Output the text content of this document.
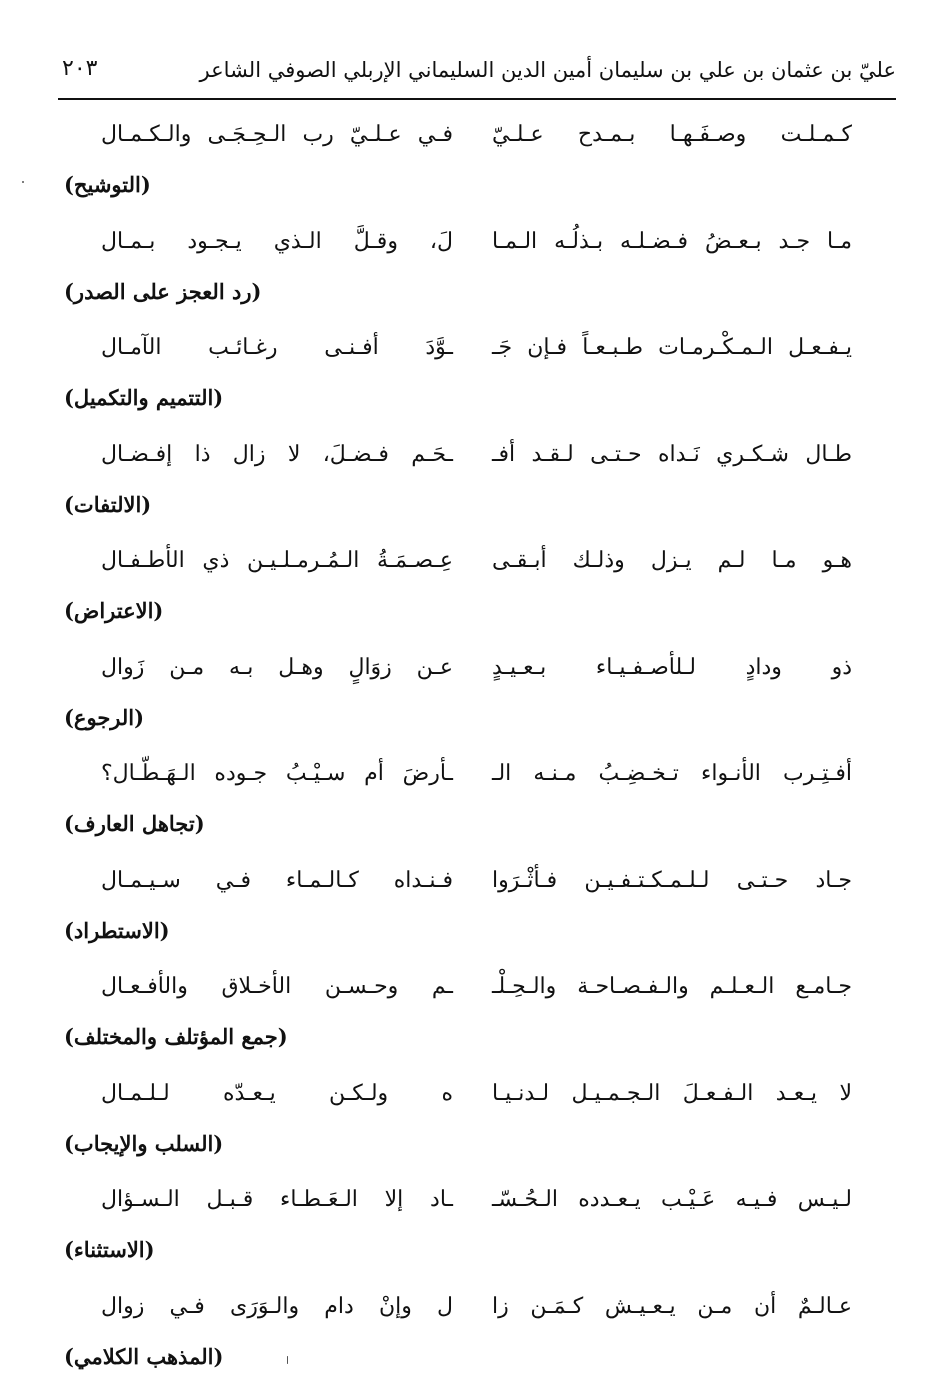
عليّ بن عثمان بن علي بن سليمان أمين الدين السليماني الإربلي الصوفي الشاعر
٢٠٣
كـمـلـت وصـفَـهـا بـمـدح عـلـيّ
فـي عـلـيّ رب الـحِـجَـى والـكـمـال
(التوشيح)
مـا جـد بـعـضُ فـضـلـه بـذلُـه الـمـا
لَ، وقـلَّ الـذي يـجـود بـمـال
(رد العجز على الصدر)
يـفـعـل الـمـكْـرمـات طـبـعـاً فـإن جَـ
ـوَّدَ أفـنـى رغـائـب الآمـال
(التتميم والتكميل)
طـال شـكـري نَـداه حـتـى لـقـد أفـ
ـحَـم فـضـلَ، لا زال ذا إفـضـال
(الالتفات)
هـو مـا لـم يـزل وذلـك أبـقـى
عِـصـمَـةُ الـمُـرمـلـيـن ذي الأطـفـال
(الاعتراض)
ذو ودادٍ لـلأصـفـيـاء بـعـيـدٍ
عـن زوَالٍ وهـل بـه مـن زَوال
(الرجوع)
أفـتِـرب الأنـواء تـخـضِـبُ مـنـه الـ
ـأرضَ أم سـيْـبُ جـوده الـهَـطّـال؟
(تجاهل العارف)
جـاد حـتـى لـلـمـكـتـفـيـن فـأثْـرَوا
فـنـداه كـالـمـاء فـي سـيـمـال
(الاستطراد)
جـامـع الـعـلـم والـفـصـاحـة والـحِـلْـ
ـم وحـسـن الأخـلاق والأفـعـال
(جمع المؤتلف والمختلف)
لا يـعـد الـفـعـلَ الـجـمـيـل لـدنـيـا
ه ولـكـن يـعـدّه لـلـمـال
(السلب والإيجاب)
لـيـس فـيـه عَـيْـب يـعـدده الـحُـسّـ
ـاد إلا الـعَـطـاء قـبـل الـسـؤال
(الاستثناء)
عـالـمٌ أن مـن يـعـيـش كـمَـن زا
ل وإنْ دام والـوَرَى فـي زوال
(المذهب الكلامي)
